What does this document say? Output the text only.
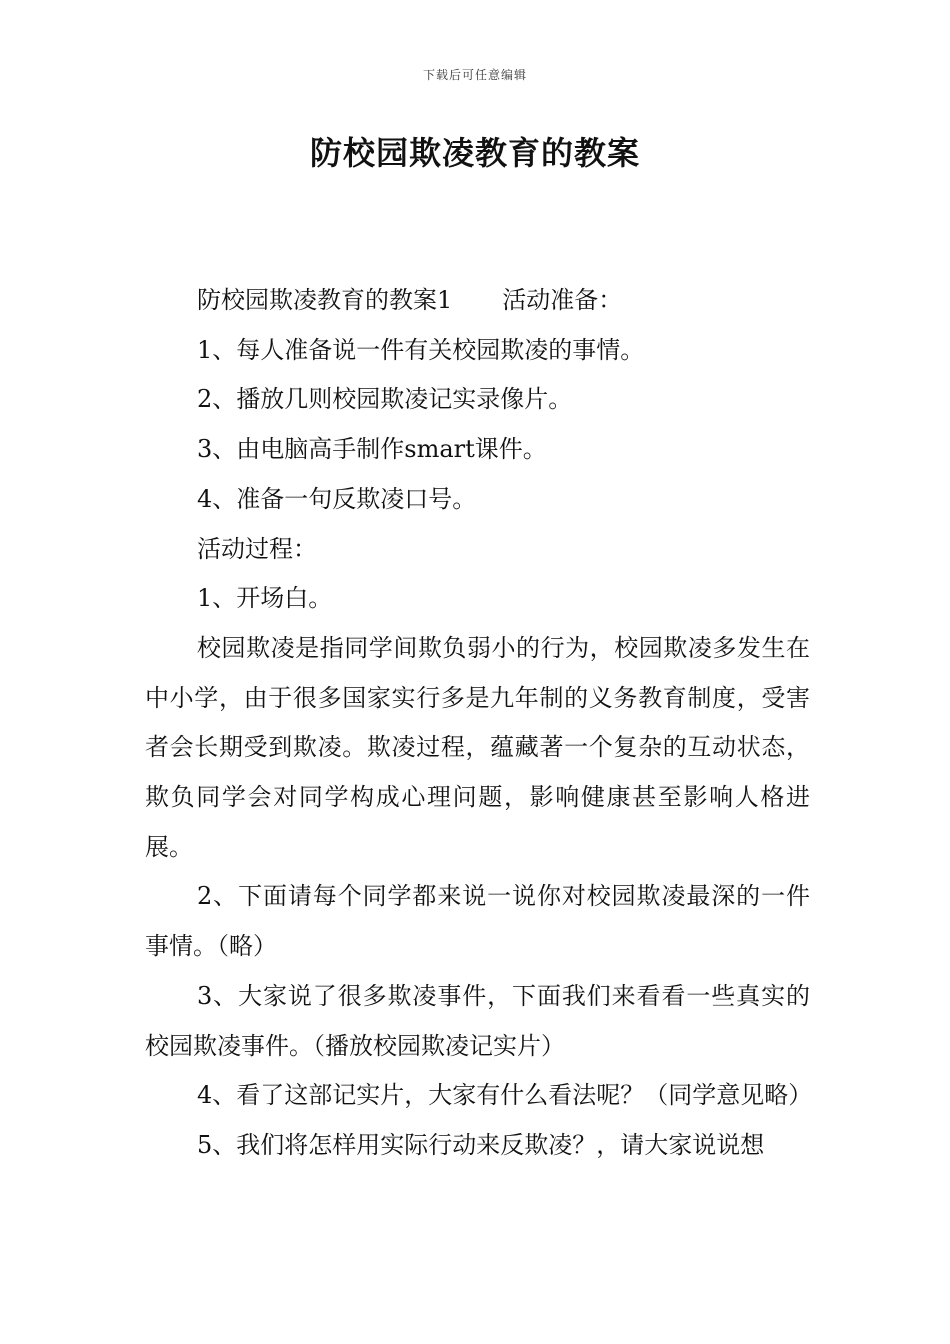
下载后可任意编辑
防校园欺凌教育的教案

防校园欺凌教育的教案1 活动准备：

1、每人准备说一件有关校园欺凌的事情。

2、播放几则校园欺凌记实录像片。

3、由电脑高手制作smart课件。

4、准备一句反欺凌口号。

活动过程：

1、开场白。

校园欺凌是指同学间欺负弱小的行为，校园欺凌多发生在中小学，由于很多国家实行多是九年制的义务教育制度，受害者会长期受到欺凌。欺凌过程，蕴藏著一个复杂的互动状态，欺负同学会对同学构成心理问题，影响健康甚至影响人格进展。

2、下面请每个同学都来说一说你对校园欺凌最深的一件事情。（略）

3、大家说了很多欺凌事件，下面我们来看看一些真实的校园欺凌事件。（播放校园欺凌记实片）

4、看了这部记实片，大家有什么看法呢？（同学意见略）

5、我们将怎样用实际行动来反欺凌？，请大家说说想
